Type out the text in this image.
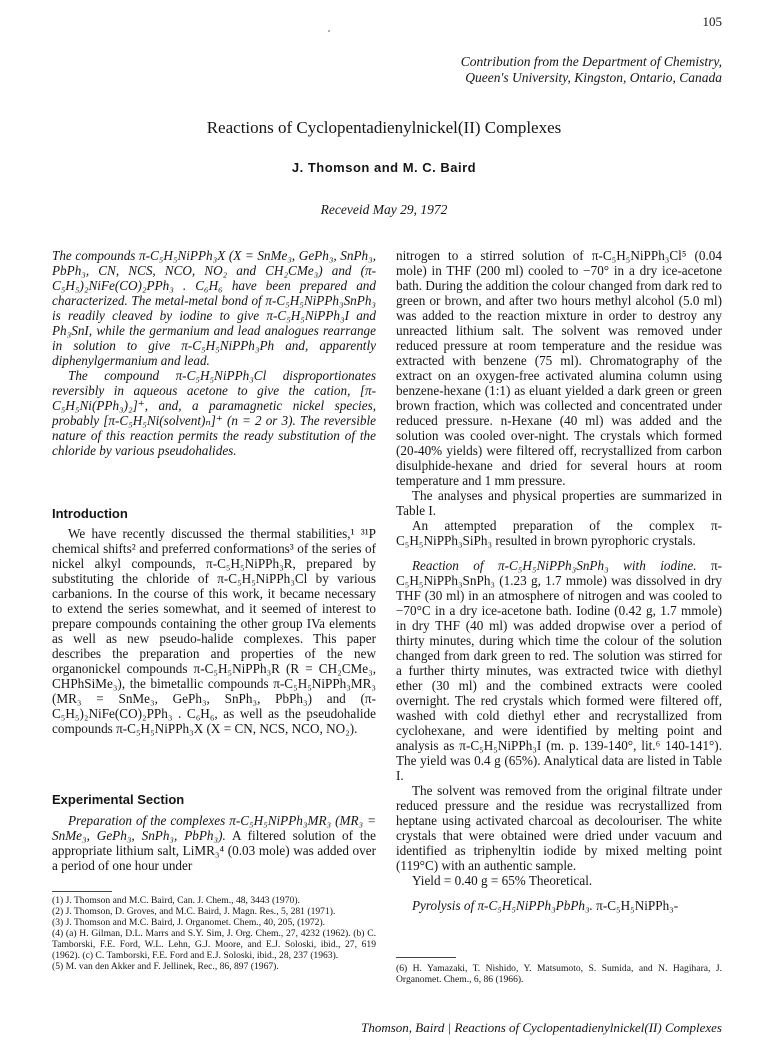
105
Contribution from the Department of Chemistry,
Queen's University, Kingston, Ontario, Canada
Reactions of Cyclopentadienylnickel(II) Complexes
J. Thomson and M. C. Baird
Receveid May 29, 1972

The compounds π-C₅H₅NiPPh₃X (X = SnMe₃, GePh₃, SnPh₃, PbPh₃, CN, NCS, NCO, NO₂ and CH₂CMe₃) and (π-C₅H₅)₂NiFe(CO)₂PPh₃ . C₆H₆ have been prepared and characterized. The metal-metal bond of π-C₅H₅NiPPh₃SnPh₃ is readily cleaved by iodine to give π-C₅H₅NiPPh₃I and Ph₃SnI, while the germanium and lead analogues rearrange in solution to give π-C₅H₅NiPPh₃Ph and, apparently diphenylgermanium and lead.

The compound π-C₅H₅NiPPh₃Cl disproportionates reversibly in aqueous acetone to give the cation, [π-C₅H₅Ni(PPh₃)₂]⁺, and, a paramagnetic nickel species, probably [π-C₅H₅Ni(solvent)ₙ]⁺ (n = 2 or 3). The reversible nature of this reaction permits the ready substitution of the chloride by various pseudohalides.

Introduction

We have recently discussed the thermal stabilities,¹ ³¹P chemical shifts² and preferred conformations³ of the series of nickel alkyl compounds, π-C₅H₅NiPPh₃R, prepared by substituting the chloride of π-C₅H₅NiPPh₃Cl by various carbanions. In the course of this work, it became necessary to extend the series somewhat, and it seemed of interest to prepare compounds containing the other group IVa elements as well as new pseudo-halide complexes. This paper describes the preparation and properties of the new organonickel compounds π-C₅H₅NiPPh₃R (R = CH₂CMe₃, CHPhSiMe₃), the bimetallic compounds π-C₅H₅NiPPh₃MR₃ (MR₃ = SnMe₃, GePh₃, SnPh₃, PbPh₃) and (π-C₅H₅)₂NiFe(CO)₂PPh₃ . C₆H₆, as well as the pseudohalide compounds π-C₅H₅NiPPh₃X (X = CN, NCS, NCO, NO₂).

Experimental Section

Preparation of the complexes π-C₅H₅NiPPh₃MR₃ (MR₃ = SnMe₃, GePh₃, SnPh₃, PbPh₃). A filtered solution of the appropriate lithium salt, LiMR₃⁴ (0.03 mole) was added over a period of one hour under

(1) J. Thomson and M.C. Baird, Can. J. Chem., 48, 3443 (1970).
(2) J. Thomson, D. Groves, and M.C. Baird, J. Magn. Res., 5, 281 (1971).
(3) J. Thomson and M.C. Baird, J. Organomet. Chem., 40, 205, (1972).
(4) (a) H. Gilman, D.L. Marrs and S.Y. Sim, J. Org. Chem., 27, 4232 (1962). (b) C. Tamborski, F.E. Ford, W.L. Lehn, G.J. Moore, and E.J. Soloski, ibid., 27, 619 (1962). (c) C. Tamborski, F.E. Ford and E.J. Soloski, ibid., 28, 237 (1963).
(5) M. van den Akker and F. Jellinek, Rec., 86, 897 (1967).

nitrogen to a stirred solution of π-C₅H₅NiPPh₃Cl⁵ (0.04 mole) in THF (200 ml) cooled to −70° in a dry ice-acetone bath. During the addition the colour changed from dark red to green or brown, and after two hours methyl alcohol (5.0 ml) was added to the reaction mixture in order to destroy any unreacted lithium salt. The solvent was removed under reduced pressure at room temperature and the residue was extracted with benzene (75 ml). Chromatography of the extract on an oxygen-free activated alumina column using benzene-hexane (1:1) as eluant yielded a dark green or green brown fraction, which was collected and concentrated under reduced pressure. n-Hexane (40 ml) was added and the solution was cooled over-night. The crystals which formed (20-40% yields) were filtered off, recrystallized from carbon disulphide-hexane and dried for several hours at room temperature and 1 mm pressure.

The analyses and physical properties are summarized in Table I.

An attempted preparation of the complex π-C₅H₅NiPPh₃SiPh₃ resulted in brown pyrophoric crystals.

Reaction of π-C₅H₅NiPPh₃SnPh₃ with iodine. π-C₅H₅NiPPh₃SnPh₃ (1.23 g, 1.7 mmole) was dissolved in dry THF (30 ml) in an atmosphere of nitrogen and was cooled to −70°C in a dry ice-acetone bath. Iodine (0.42 g, 1.7 mmole) in dry THF (40 ml) was added dropwise over a period of thirty minutes, during which time the colour of the solution changed from dark green to red. The solution was stirred for a further thirty minutes, was extracted twice with diethyl ether (30 ml) and the combined extracts were cooled overnight. The red crystals which formed were filtered off, washed with cold diethyl ether and recrystallized from cyclohexane, and were identified by melting point and analysis as π-C₅H₅NiPPh₃I (m. p. 139-140°, lit.⁶ 140-141°). The yield was 0.4 g (65%). Analytical data are listed in Table I.

The solvent was removed from the original filtrate under reduced pressure and the residue was recrystallized from heptane using activated charcoal as decolouriser. The white crystals that were obtained were dried under vacuum and identified as triphenyltin iodide by mixed melting point (119°C) with an authentic sample.

Yield = 0.40 g = 65% Theoretical.

Pyrolysis of π-C₅H₅NiPPh₃PbPh₃. π-C₅H₅NiPPh₃-

(6) H. Yamazaki, T. Nishido, Y. Matsumoto, S. Sumida, and N. Hagihara, J. Organomet. Chem., 6, 86 (1966).
Thomson, Baird | Reactions of Cyclopentadienylnickel(II) Complexes
